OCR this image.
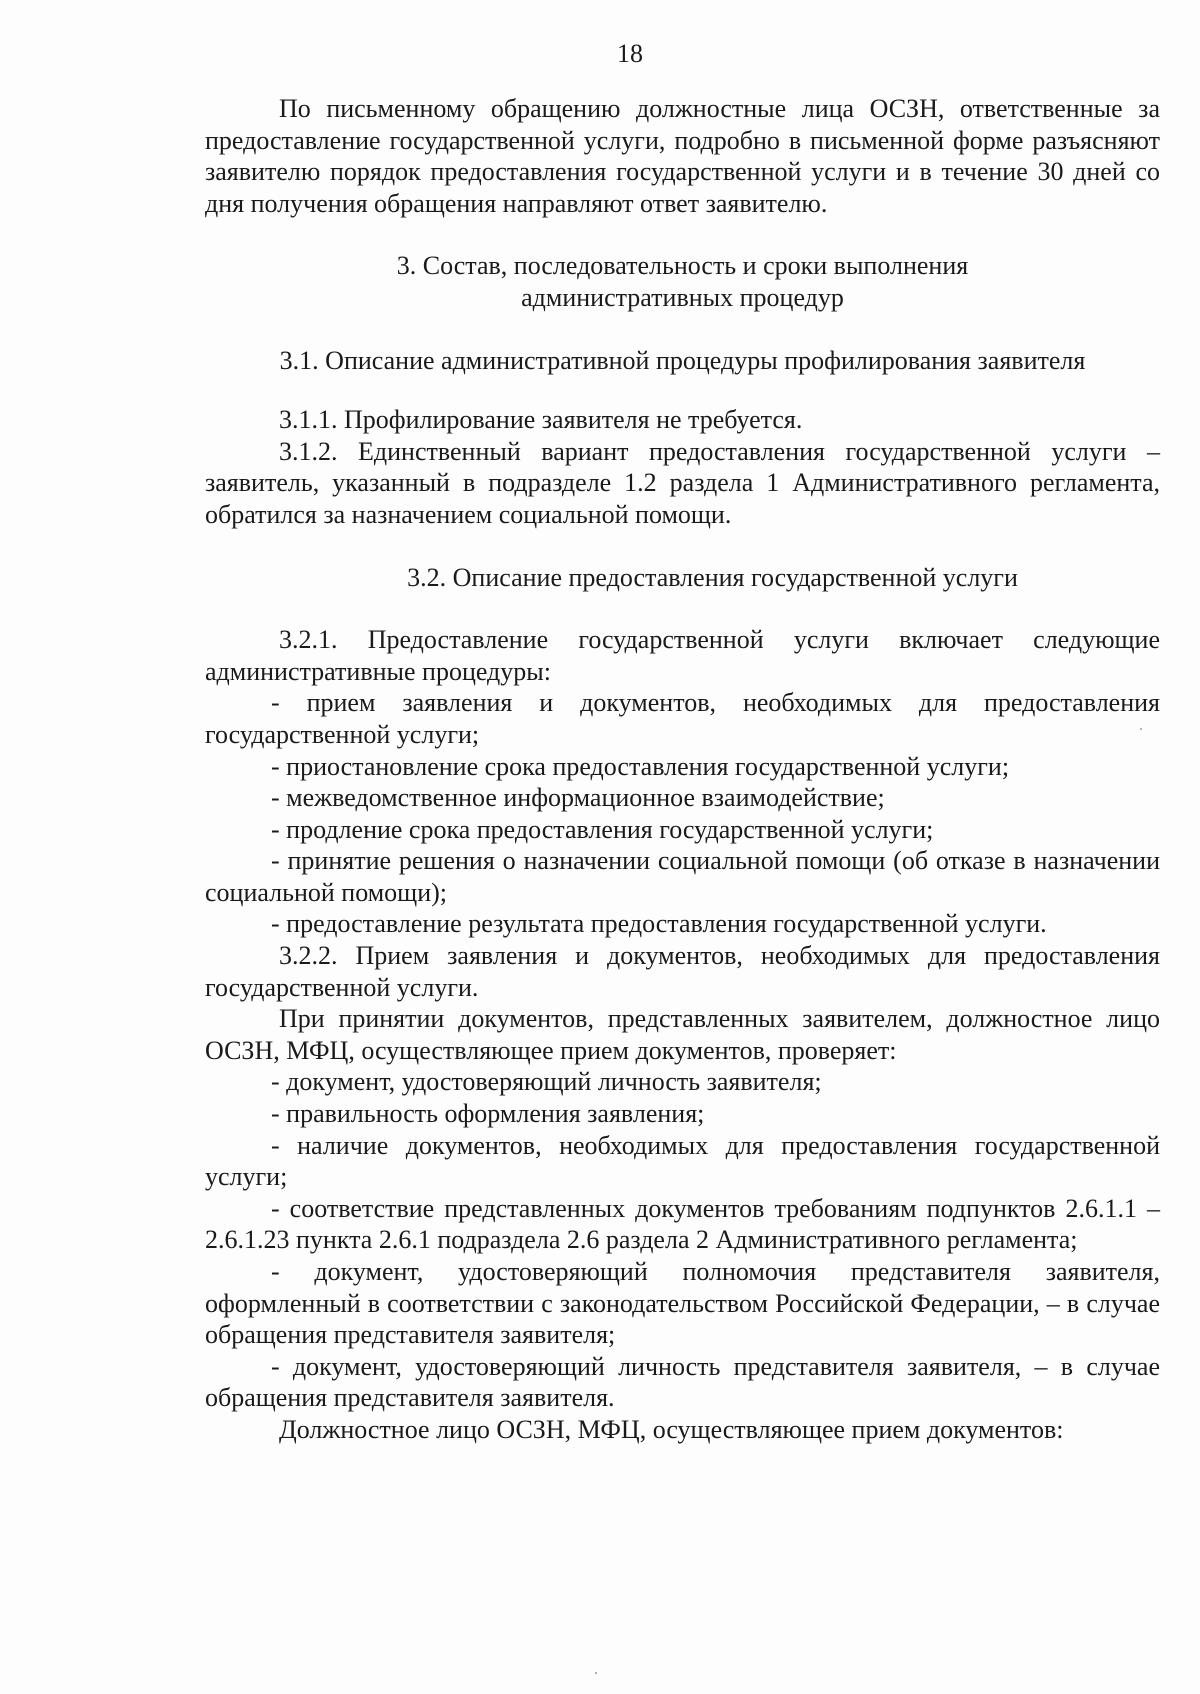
18

По письменному обращению должностные лица ОСЗН, ответственные за предоставление государственной услуги, подробно в письменной форме разъясняют заявителю порядок предоставления государственной услуги и в течение 30 дней со дня получения обращения направляют ответ заявителю.

3. Состав, последовательность и сроки выполнения

административных процедур

3.1. Описание административной процедуры профилирования заявителя

3.1.1. Профилирование заявителя не требуется.

3.1.2. Единственный вариант предоставления государственной услуги – заявитель, указанный в подразделе 1.2 раздела 1 Административного регламента, обратился за назначением социальной помощи.

3.2. Описание предоставления государственной услуги

3.2.1. Предоставление государственной услуги включает следующие административные процедуры:

- прием заявления и документов, необходимых для предоставления государственной услуги;

- приостановление срока предоставления государственной услуги;

- межведомственное информационное взаимодействие;

- продление срока предоставления государственной услуги;

- принятие решения о назначении социальной помощи (об отказе в назначении социальной помощи);

- предоставление результата предоставления государственной услуги.

3.2.2. Прием заявления и документов, необходимых для предоставления государственной услуги.

При принятии документов, представленных заявителем, должностное лицо ОСЗН, МФЦ, осуществляющее прием документов, проверяет:

- документ, удостоверяющий личность заявителя;

- правильность оформления заявления;

- наличие документов, необходимых для предоставления государственной услуги;

- соответствие представленных документов требованиям подпунктов 2.6.1.1 – 2.6.1.23 пункта 2.6.1 подраздела 2.6 раздела 2 Административного регламента;

- документ, удостоверяющий полномочия представителя заявителя, оформленный в соответствии с законодательством Российской Федерации, – в случае обращения представителя заявителя;

- документ, удостоверяющий личность представителя заявителя, – в случае обращения представителя заявителя.

Должностное лицо ОСЗН, МФЦ, осуществляющее прием документов:
